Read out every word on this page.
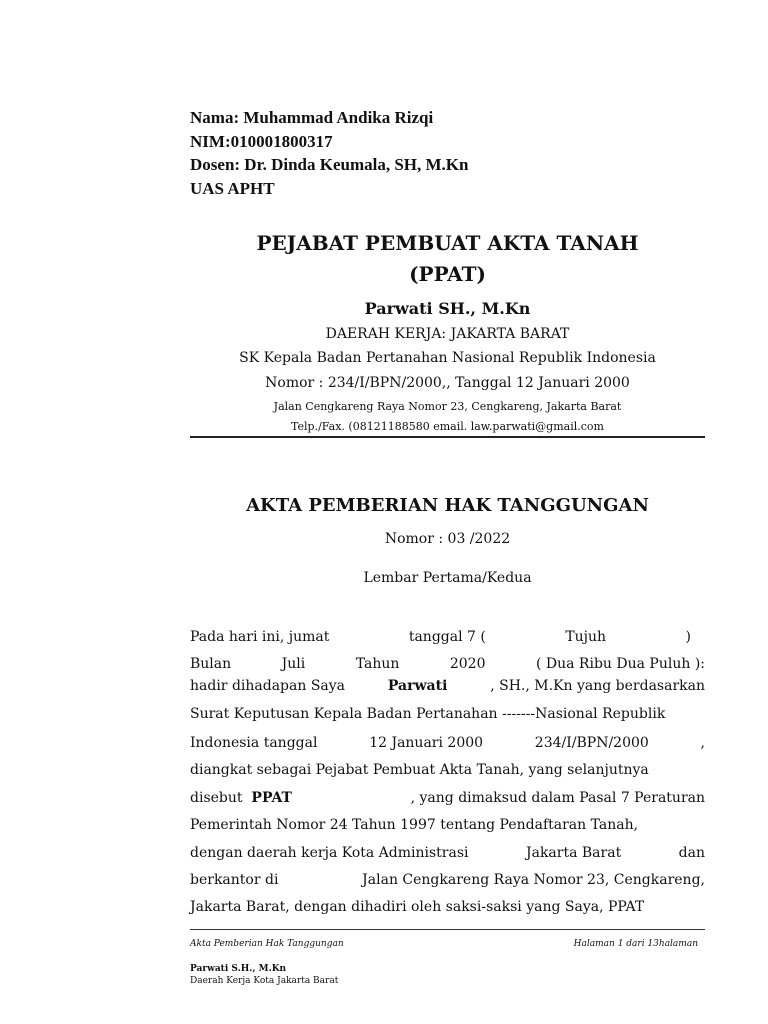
Nama: Muhammad Andika Rizqi
NIM:010001800317
Dosen: Dr. Dinda Keumala, SH, M.Kn
UAS APHT
PEJABAT PEMBUAT AKTA TANAH
(PPAT)
Parwati SH., M.Kn
DAERAH KERJA: JAKARTA BARAT
SK Kepala Badan Pertanahan Nasional Republik Indonesia
Nomor : 234/I/BPN/2000,, Tanggal 12 Januari 2000
Jalan Cengkareng Raya Nomor 23, Cengkareng, Jakarta Barat
Telp./Fax. (08121188580 email. law.parwati@gmail.com
AKTA PEMBERIAN HAK TANGGUNGAN
Nomor : 03 /2022
Lembar Pertama/Kedua
Pada hari ini, jumat	tanggal 7 (	Tujuh	)
Bulan	Juli	Tahun	2020	( Dua Ribu Dua Puluh ):
hadir dihadapan Saya	Parwati	, SH., M.Kn yang berdasarkan
Surat Keputusan Kepala Badan Pertanahan -------Nasional Republik
Indonesia tanggal	12 Januari 2000	234/I/BPN/2000	,
diangkat sebagai Pejabat Pembuat Akta Tanah, yang selanjutnya
disebut PPAT	, yang dimaksud dalam Pasal 7 Peraturan
Pemerintah Nomor 24 Tahun 1997 tentang Pendaftaran Tanah,
dengan daerah kerja Kota Administrasi	Jakarta Barat	dan
berkantor di	Jalan Cengkareng Raya Nomor 23, Cengkareng,
Jakarta Barat, dengan dihadiri oleh saksi-saksi yang Saya, PPAT
Akta Pemberian Hak Tanggungan	Halaman 1 dari 13halaman
Parwati S.H., M.Kn
Daerah Kerja Kota Jakarta Barat
